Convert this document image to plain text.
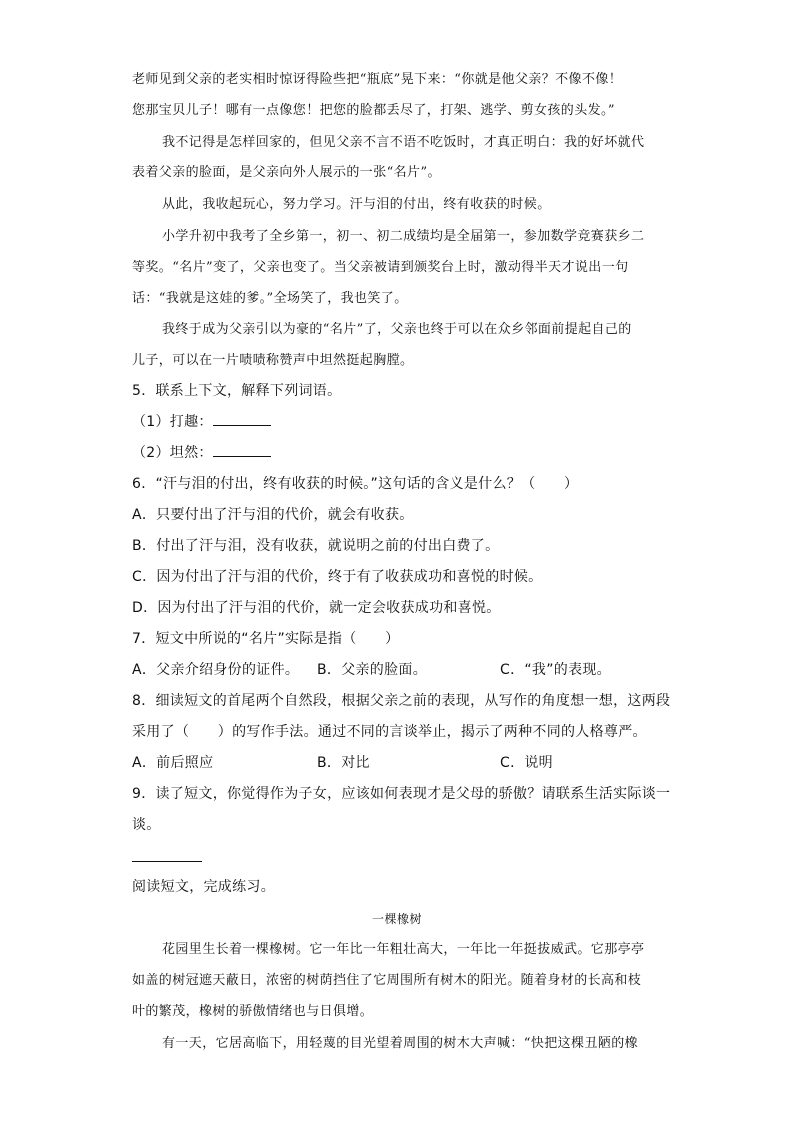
老师见到父亲的老实相时惊讶得险些把“瓶底”晃下来：“你就是他父亲？不像不像！
您那宝贝儿子！哪有一点像您！把您的脸都丢尽了，打架、逃学、剪女孩的头发。”
我不记得是怎样回家的，但见父亲不言不语不吃饭时，才真正明白：我的好坏就代
表着父亲的脸面，是父亲向外人展示的一张“名片”。
从此，我收起玩心，努力学习。汗与泪的付出，终有收获的时候。
小学升初中我考了全乡第一，初一、初二成绩均是全届第一，参加数学竞赛获乡二
等奖。“名片”变了，父亲也变了。当父亲被请到颁奖台上时，激动得半天才说出一句
话：“我就是这娃的爹。”全场笑了，我也笑了。
我终于成为父亲引以为豪的“名片”了，父亲也终于可以在众乡邻面前提起自己的
儿子，可以在一片啧啧称赞声中坦然挺起胸膛。
5．联系上下文，解释下列词语。
（1）打趣：
（2）坦然：
6．“汗与泪的付出，终有收获的时候。”这句话的含义是什么？（　　）
A．只要付出了汗与泪的代价，就会有收获。
B．付出了汗与泪，没有收获，就说明之前的付出白费了。
C．因为付出了汗与泪的代价，终于有了收获成功和喜悦的时候。
D．因为付出了汗与泪的代价，就一定会收获成功和喜悦。
7．短文中所说的“名片”实际是指（　　）
A．父亲介绍身份的证件。 B．父亲的脸面。	C．“我”的表现。
8．细读短文的首尾两个自然段，根据父亲之前的表现，从写作的角度想一想，这两段
采用了（　　）的写作手法。通过不同的言谈举止，揭示了两种不同的人格尊严。
A．前后照应	B．对比	C．说明
9．读了短文，你觉得作为子女，应该如何表现才是父母的骄傲？请联系生活实际谈一
谈。
阅读短文，完成练习。
一棵橡树
花园里生长着一棵橡树。它一年比一年粗壮高大，一年比一年挺拔威武。它那亭亭
如盖的树冠遮天蔽日，浓密的树荫挡住了它周围所有树木的阳光。随着身材的长高和枝
叶的繁茂，橡树的骄傲情绪也与日俱增。
有一天，它居高临下，用轻蔑的目光望着周围的树木大声喊：“快把这棵丑陋的橡
